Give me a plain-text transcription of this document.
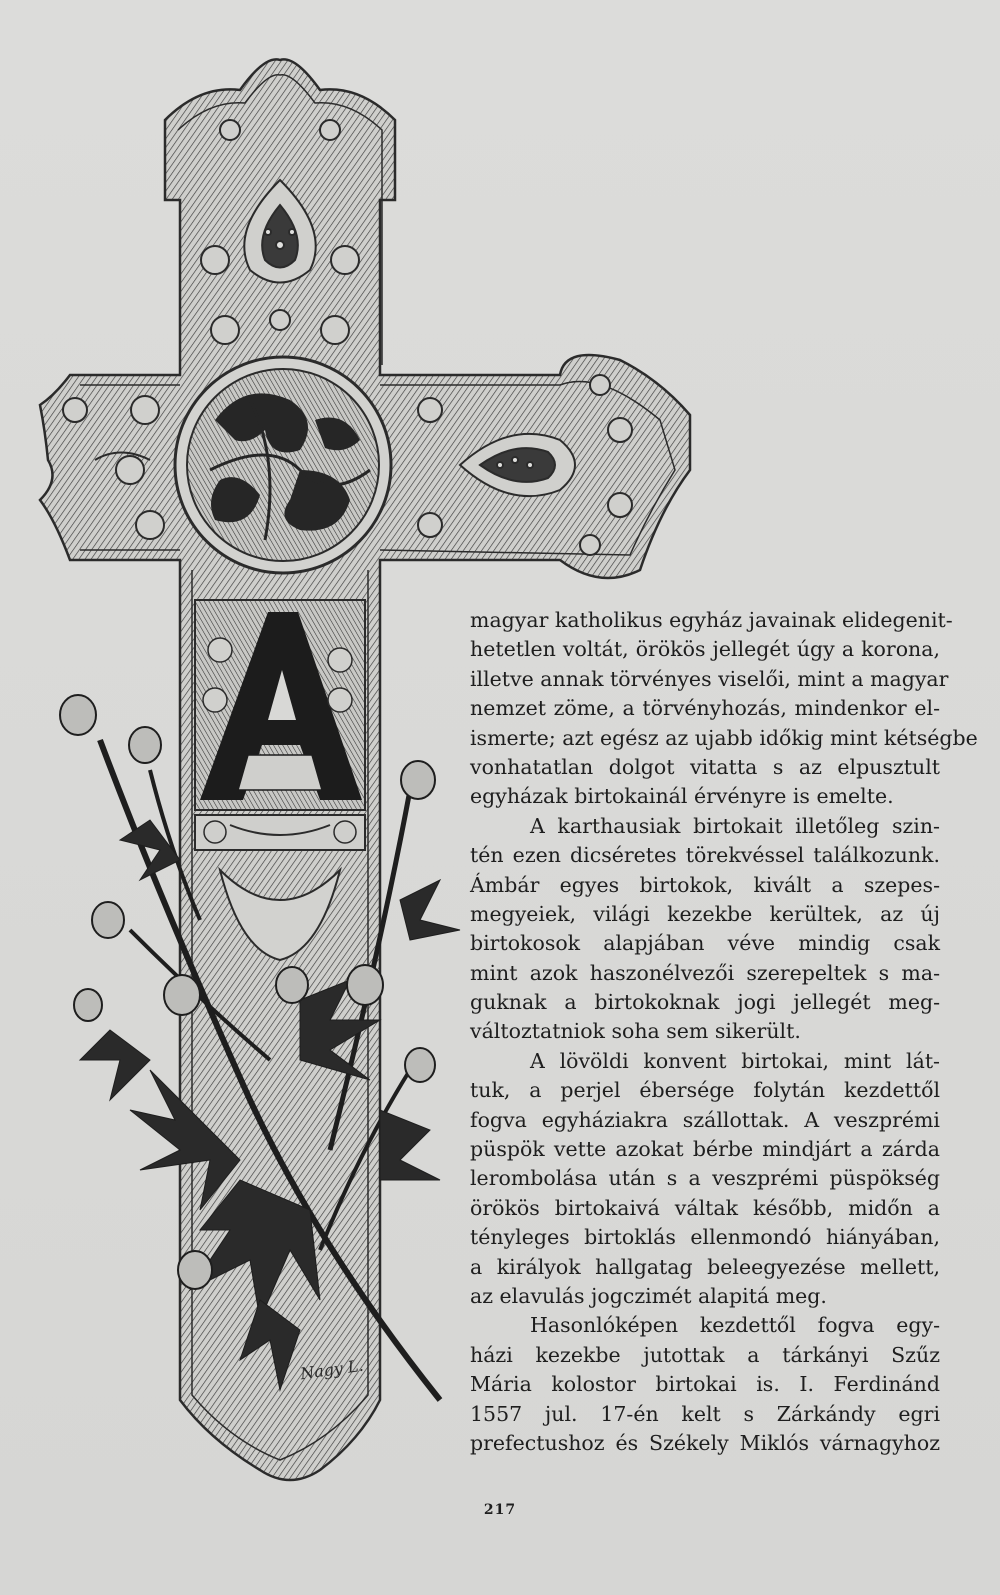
Nagy L.
magyar katholikus egyház javainak elidegenit-
hetetlen voltát, örökös jellegét úgy a korona,
illetve annak törvényes viselői, mint a magyar
nemzet zöme, a törvényhozás, mindenkor el-
ismerte; azt egész az ujabb időkig mint kétségbe
vonhatatlan dolgot vitatta s az elpusztult
egyházak birtokainál érvényre is emelte.
A karthausiak birtokait illetőleg szin-
tén ezen dicséretes törekvéssel találkozunk.
Ámbár egyes birtokok, kivált a szepes-
megyeiek, világi kezekbe kerültek, az új
birtokosok alapjában véve mindig csak
mint azok haszonélvezői szerepeltek s ma-
guknak a birtokoknak jogi jellegét meg-
változtatniok soha sem sikerült.
A lövöldi konvent birtokai, mint lát-
tuk, a perjel ébersége folytán kezdettől
fogva egyháziakra szállottak. A veszprémi
püspök vette azokat bérbe mindjárt a zárda
lerombolása után s a veszprémi püspökség
örökös birtokaivá váltak később, midőn a
tényleges birtoklás ellenmondó hiányában,
a királyok hallgatag beleegyezése mellett,
az elavulás jogczimét alapitá meg.
Hasonlóképen kezdettől fogva egy-
házi kezekbe jutottak a tárkányi Szűz
Mária kolostor birtokai is. I. Ferdinánd
1557 jul. 17-én kelt s Zárkándy egri
prefectushoz és Székely Miklós várnagyhoz
217
